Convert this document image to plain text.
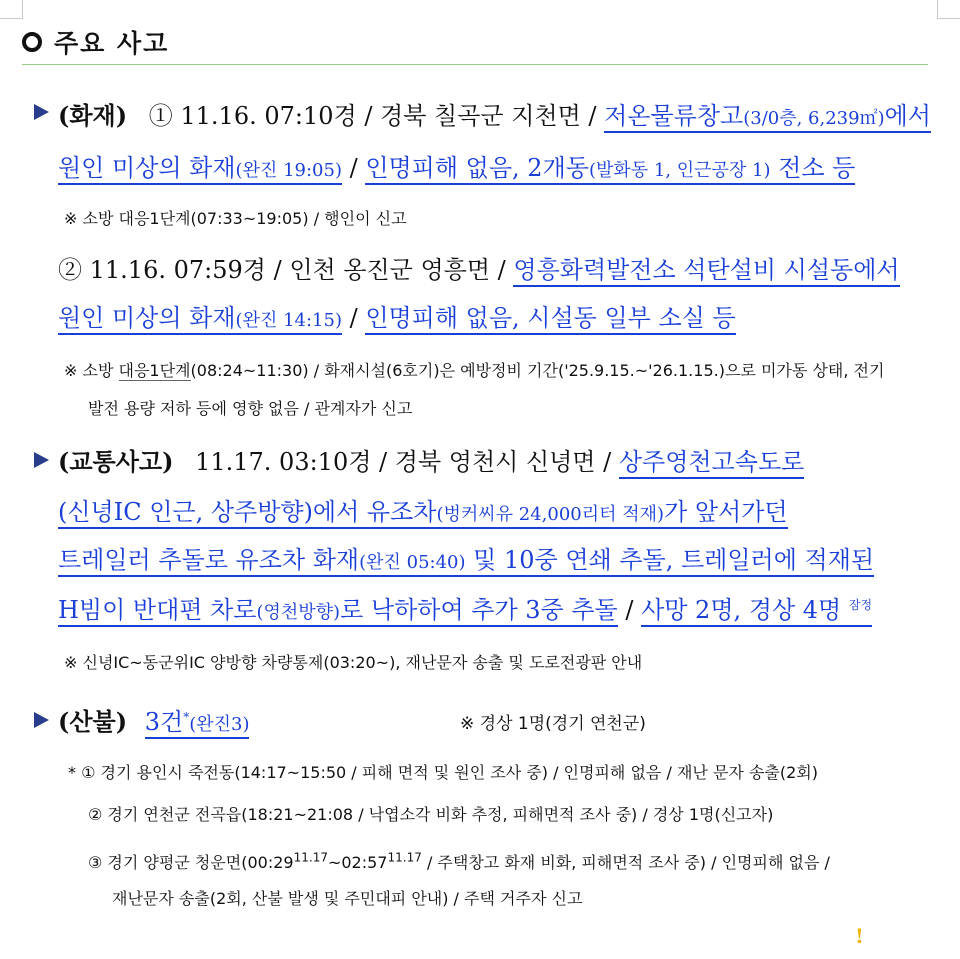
주요 사고
(화재) ① 11.16. 07:10경 / 경북 칠곡군 지천면 / 저온물류창고(3/0층, 6,239㎡)에서
원인 미상의 화재(완진 19:05) / 인명피해 없음, 2개동(발화동 1, 인근공장 1) 전소 등
※ 소방 대응1단계(07:33~19:05) / 행인이 신고
② 11.16. 07:59경 / 인천 옹진군 영흥면 / 영흥화력발전소 석탄설비 시설동에서
원인 미상의 화재(완진 14:15) / 인명피해 없음, 시설동 일부 소실 등
※ 소방 대응1단계(08:24~11:30) / 화재시설(6호기)은 예방정비 기간('25.9.15.~'26.1.15.)으로 미가동 상태, 전기
발전 용량 저하 등에 영향 없음 / 관계자가 신고
(교통사고) 11.17. 03:10경 / 경북 영천시 신녕면 / 상주영천고속도로
(신녕IC 인근, 상주방향)에서 유조차(벙커씨유 24,000리터 적재)가 앞서가던
트레일러 추돌로 유조차 화재(완진 05:40) 및 10중 연쇄 추돌, 트레일러에 적재된
H빔이 반대편 차로(영천방향)로 낙하하여 추가 3중 추돌 / 사망 2명, 경상 4명 $^{잠정}$
※ 신녕IC~동군위IC 양방향 차량통제(03:20~), 재난문자 송출 및 도로전광판 안내
(산불) 3건*(완진3)	※ 경상 1명(경기 연천군)
* ① 경기 용인시 죽전동(14:17~15:50 / 피해 면적 및 원인 조사 중) / 인명피해 없음 / 재난 문자 송출(2회)
② 경기 연천군 전곡읍(18:21~21:08 / 낙엽소각 비화 추정, 피해면적 조사 중) / 경상 1명(신고자)
③ 경기 양평군 청운면($00:29^{11.17}\sim 02:57^{11.17}$ / 주택창고 화재 비화, 피해면적 조사 중) / 인명피해 없음 /
재난문자 송출(2회, 산불 발생 및 주민대피 안내) / 주택 거주자 신고
!
